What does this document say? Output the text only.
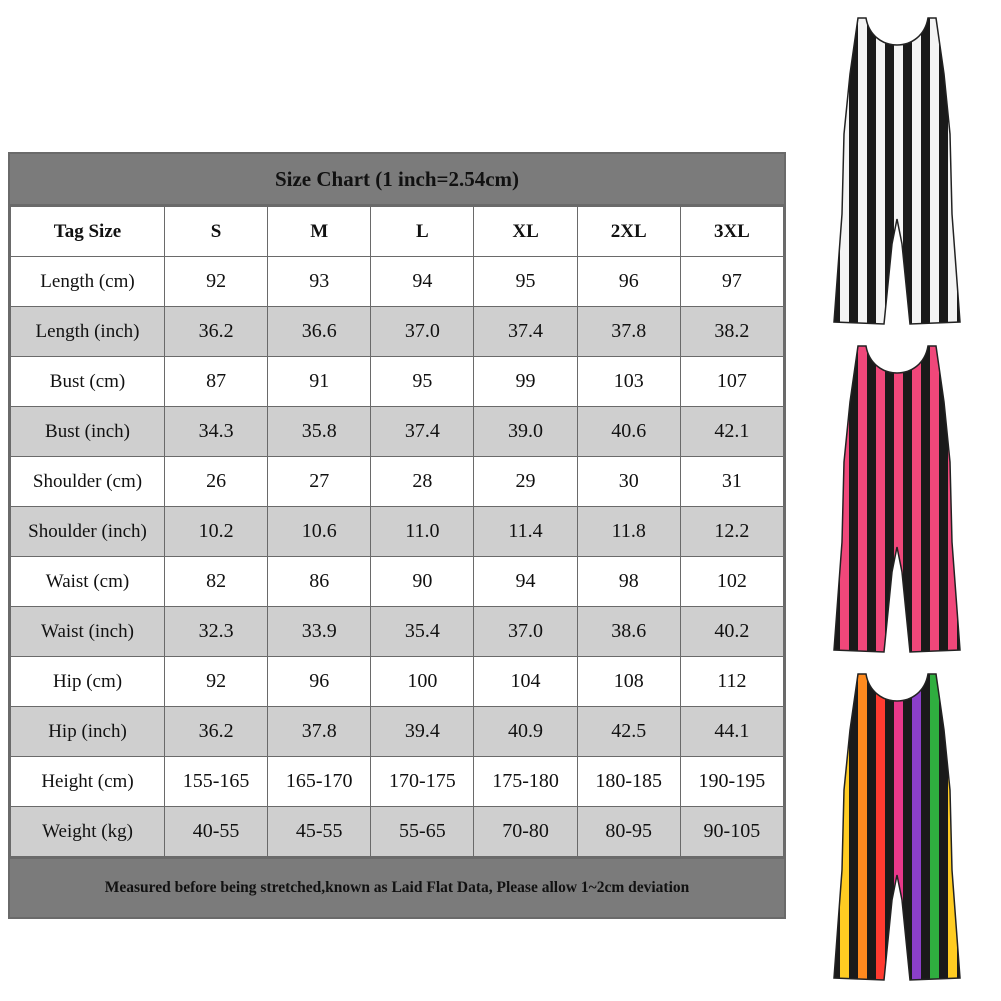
Size Chart (1 inch=2.54cm)
Tag Size	S	M	L	XL	2XL	3XL
Length (cm)	92	93	94	95	96	97
Length (inch)	36.2	36.6	37.0	37.4	37.8	38.2
Bust (cm)	87	91	95	99	103	107
Bust (inch)	34.3	35.8	37.4	39.0	40.6	42.1
Shoulder (cm)	26	27	28	29	30	31
Shoulder (inch)	10.2	10.6	11.0	11.4	11.8	12.2
Waist (cm)	82	86	90	94	98	102
Waist (inch)	32.3	33.9	35.4	37.0	38.6	40.2
Hip (cm)	92	96	100	104	108	112
Hip (inch)	36.2	37.8	39.4	40.9	42.5	44.1
Height (cm)	155-165	165-170	170-175	175-180	180-185	190-195
Weight (kg)	40-55	45-55	55-65	70-80	80-95	90-105
Measured before being stretched,known as Laid Flat Data, Please allow 1~2cm deviation
